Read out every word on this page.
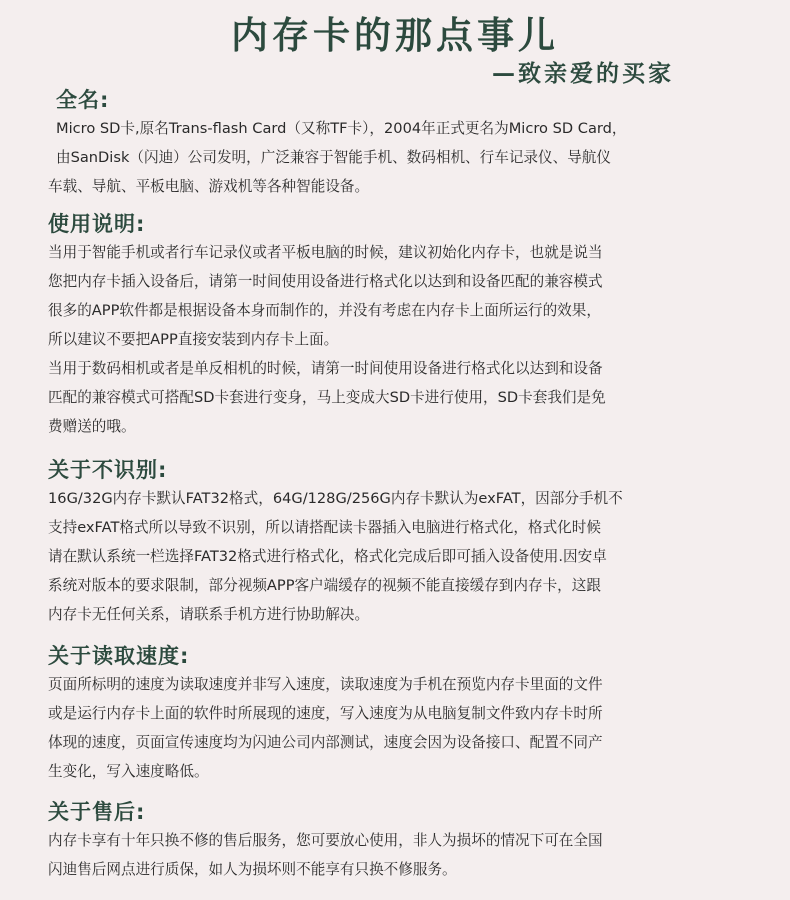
内存卡的那点事儿
—致亲爱的买家
全名:

Micro SD卡,原名Trans-flash Card（又称TF卡），2004年正式更名为Micro SD Card，

由SanDisk（闪迪）公司发明，广泛兼容于智能手机、数码相机、行车记录仪、导航仪

车载、导航、平板电脑、游戏机等各种智能设备。

使用说明:

当用于智能手机或者行车记录仪或者平板电脑的时候，建议初始化内存卡，也就是说当

您把内存卡插入设备后，请第一时间使用设备进行格式化以达到和设备匹配的兼容模式

很多的APP软件都是根据设备本身而制作的，并没有考虑在内存卡上面所运行的效果，

所以建议不要把APP直接安装到内存卡上面。

当用于数码相机或者是单反相机的时候，请第一时间使用设备进行格式化以达到和设备

匹配的兼容模式可搭配SD卡套进行变身，马上变成大SD卡进行使用，SD卡套我们是免

费赠送的哦。

关于不识别:

16G/32G内存卡默认FAT32格式，64G/128G/256G内存卡默认为exFAT，因部分手机不

支持exFAT格式所以导致不识别，所以请搭配读卡器插入电脑进行格式化，格式化时候

请在默认系统一栏选择FAT32格式进行格式化，格式化完成后即可插入设备使用.因安卓

系统对版本的要求限制，部分视频APP客户端缓存的视频不能直接缓存到内存卡，这跟

内存卡无任何关系，请联系手机方进行协助解决。

关于读取速度:

页面所标明的速度为读取速度并非写入速度，读取速度为手机在预览内存卡里面的文件

或是运行内存卡上面的软件时所展现的速度，写入速度为从电脑复制文件致内存卡时所

体现的速度，页面宣传速度均为闪迪公司内部测试，速度会因为设备接口、配置不同产

生变化，写入速度略低。

关于售后:

内存卡享有十年只换不修的售后服务，您可要放心使用，非人为损坏的情况下可在全国

闪迪售后网点进行质保，如人为损坏则不能享有只换不修服务。
